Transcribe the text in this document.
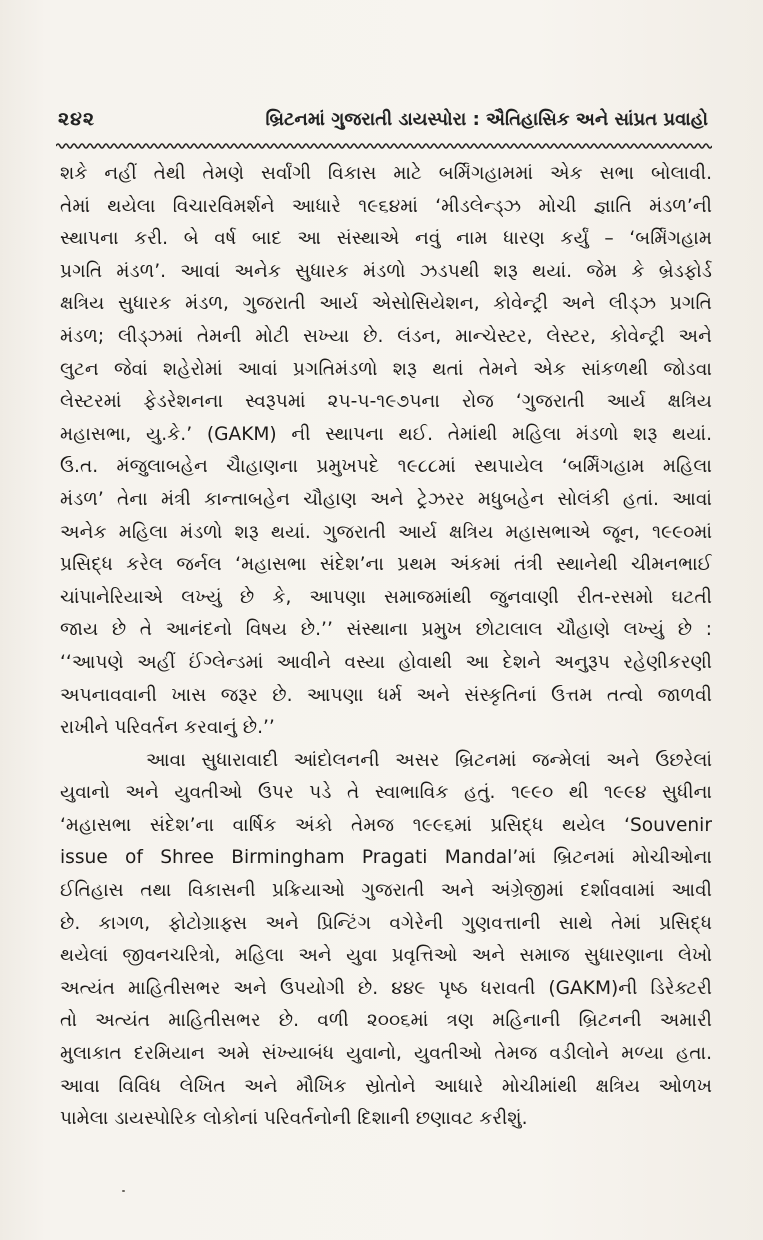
૨૪૨	બ્રિટનમાં ગુજરાતી ડાયસ્પોરા : ઐતિહાસિક અને સાંપ્રત પ્રવાહો
શકે નહીં તેથી તેમણે સર્વાંગી વિકાસ માટે બર્મિંગહામમાં એક સભા બોલાવી.
તેમાં થયેલા વિચારવિમર્શને આધારે ૧૯૬૪માં ‘મીડલેન્ડ્ઝ મોચી જ્ઞાતિ મંડળ’ની
સ્થાપના કરી. બે વર્ષ બાદ આ સંસ્થાએ નવું નામ ધારણ કર્યું – ‘બર્મિંગહામ
પ્રગતિ મંડળ’. આવાં અનેક સુધારક મંડળો ઝડપથી શરૂ થયાં. જેમ કે બ્રેડફોર્ડ
ક્ષત્રિય સુધારક મંડળ, ગુજરાતી આર્ય એસોસિયેશન, કોવેન્ટ્રી અને લીડ્ઝ પ્રગતિ
મંડળ; લીડ્ઝમાં તેમની મોટી સખ્યા છે. લંડન, માન્ચેસ્ટર, લેસ્ટર, કોવેન્ટ્રી અને
લુટન જેવાં શહેરોમાં આવાં પ્રગતિમંડળો શરૂ થતાં તેમને એક સાંકળથી જોડવા
લેસ્ટરમાં ફેડરેશનના સ્વરૂપમાં ૨૫-૫-૧૯૭૫ના રોજ ‘ગુજરાતી આર્ય ક્ષત્રિય
મહાસભા, યુ.કે.’ (GAKM) ની સ્થાપના થઈ. તેમાંથી મહિલા મંડળો શરૂ થયાં.
ઉ.ત. મંજુલાબહેન ચૈાહાણના પ્રમુખપદે ૧૯૮૮માં સ્થપાયેલ ‘બર્મિંગહામ મહિલા
મંડળ’ તેના મંત્રી કાન્તાબહેન ચૌહાણ અને ટ્રેઝરર મધુબહેન સોલંકી હતાં. આવાં
અનેક મહિલા મંડળો શરૂ થયાં. ગુજરાતી આર્ય ક્ષત્રિય મહાસભાએ જૂન, ૧૯૯૦માં
પ્રસિદ્ધ કરેલ જર્નલ ‘મહાસભા સંદેશ’ના પ્રથમ અંકમાં તંત્રી સ્થાનેથી ચીમનભાઈ
ચાંપાનેરિયાએ લખ્યું છે કે, આપણા સમાજમાંથી જુનવાણી રીત-રસમો ઘટતી
જાય છે તે આનંદનો વિષય છે.’’ સંસ્થાના પ્રમુખ છોટાલાલ ચૌહાણે લખ્યું છે :
‘‘આપણે અહીં ઈંગ્લેન્ડમાં આવીને વસ્યા હોવાથી આ દેશને અનુરૂપ રહેણીકરણી
અપનાવવાની ખાસ જરૂર છે. આપણા ધર્મ અને સંસ્કૃતિનાં ઉત્તમ તત્વો જાળવી
રાખીને પરિવર્તન કરવાનું છે.’’
આવા સુધારાવાદી આંદોલનની અસર બ્રિટનમાં જન્મેલાં અને ઉછરેલાં
યુવાનો અને યુવતીઓ ઉપર પડે તે સ્વાભાવિક હતું. ૧૯૯૦ થી ૧૯૯૪ સુધીના
‘મહાસભા સંદેશ’ના વાર્ષિક અંકો તેમજ ૧૯૯૬માં પ્રસિદ્ધ થયેલ ‘Souvenir
issue of Shree Birmingham Pragati Mandal’માં બ્રિટનમાં મોચીઓના
ઈતિહાસ તથા વિકાસની પ્રક્રિયાઓ ગુજરાતી અને અંગ્રેજીમાં દર્શાવવામાં આવી
છે. કાગળ, ફોટોગ્રાફ્સ અને પ્રિન્ટિંગ વગેરેની ગુણવત્તાની સાથે તેમાં પ્રસિદ્ધ
થયેલાં જીવનચરિત્રો, મહિલા અને યુવા પ્રવૃત્તિઓ અને સમાજ સુધારણાના લેખો
અત્યંત માહિતીસભર અને ઉપયોગી છે. ૪૪૯ પૃષ્ઠ ધરાવતી (GAKM)ની ડિરેક્ટરી
તો અત્યંત માહિતીસભર છે. વળી ૨૦૦૬માં ત્રણ મહિનાની બ્રિટનની અમારી
મુલાકાત દરમિયાન અમે સંખ્યાબંધ યુવાનો, યુવતીઓ તેમજ વડીલોને મળ્યા હતા.
આવા વિવિધ લેખિત અને મૌખિક સ્રોતોને આધારે મોચીમાંથી ક્ષત્રિય ઓળખ
પામેલા ડાયસ્પોરિક લોકોનાં પરિવર્તનોની દિશાની છણાવટ કરીશું.
